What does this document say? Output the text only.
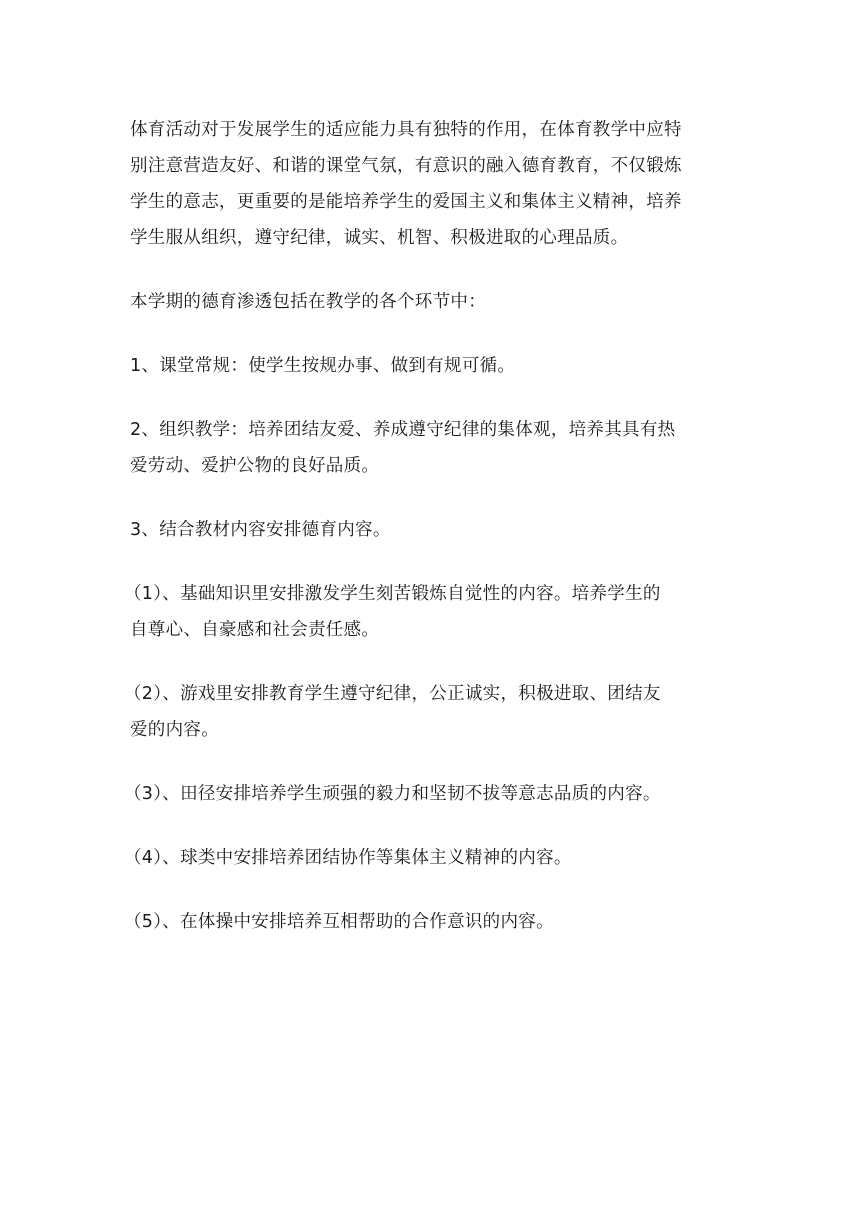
体育活动对于发展学生的适应能力具有独特的作用，在体育教学中应特

别注意营造友好、和谐的课堂气氛，有意识的融入德育教育，不仅锻炼

学生的意志，更重要的是能培养学生的爱国主义和集体主义精神，培养

学生服从组织，遵守纪律，诚实、机智、积极进取的心理品质。

本学期的德育渗透包括在教学的各个环节中：

1、课堂常规：使学生按规办事、做到有规可循。

2、组织教学：培养团结友爱、养成遵守纪律的集体观，培养其具有热

爱劳动、爱护公物的良好品质。

3、结合教材内容安排德育内容。

（1）、基础知识里安排激发学生刻苦锻炼自觉性的内容。培养学生的

自尊心、自豪感和社会责任感。

（2）、游戏里安排教育学生遵守纪律，公正诚实，积极进取、团结友

爱的内容。

（3）、田径安排培养学生顽强的毅力和坚韧不拔等意志品质的内容。

（4）、球类中安排培养团结协作等集体主义精神的内容。

（5）、在体操中安排培养互相帮助的合作意识的内容。
